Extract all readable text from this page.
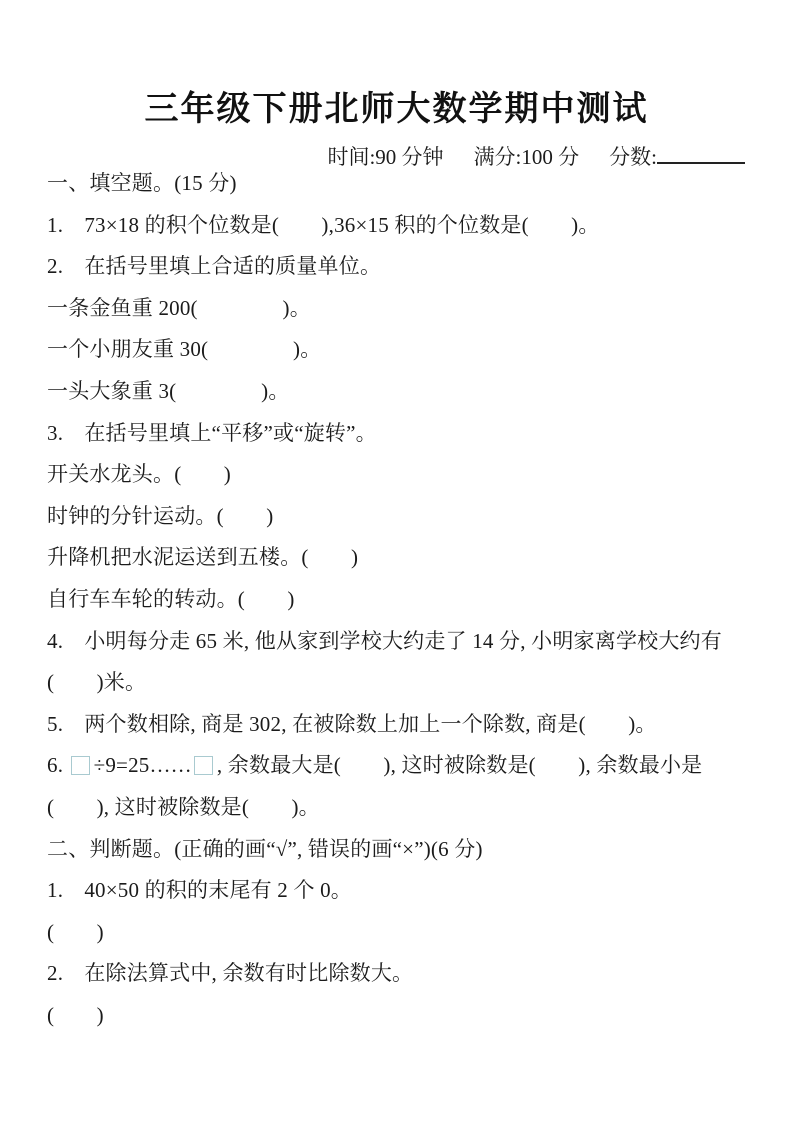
三年级下册北师大数学期中测试
时间:90 分钟 满分:100 分 分数:
一、填空题。(15 分)
1.　73×18 的积个位数是(　　),36×15 积的个位数是(　　)。
2.　在括号里填上合适的质量单位。
一条金鱼重 200(　　　　)。
一个小朋友重 30(　　　　)。
一头大象重 3(　　　　)。
3.　在括号里填上“平移”或“旋转”。
开关水龙头。(　　)
时钟的分针运动。(　　)
升降机把水泥运送到五楼。(　　)
自行车车轮的转动。(　　)
4.　小明每分走 65 米, 他从家到学校大约走了 14 分, 小明家离学校大约有
(　　)米。
5.　两个数相除, 商是 302, 在被除数上加上一个除数, 商是(　　)。
6. ÷9=25…… , 余数最大是(　　), 这时被除数是(　　), 余数最小是
(　　), 这时被除数是(　　)。
二、判断题。(正确的画“√”, 错误的画“×”)(6 分)
1.　40×50 的积的末尾有 2 个 0。
(　　)
2.　在除法算式中, 余数有时比除数大。
(　　)
